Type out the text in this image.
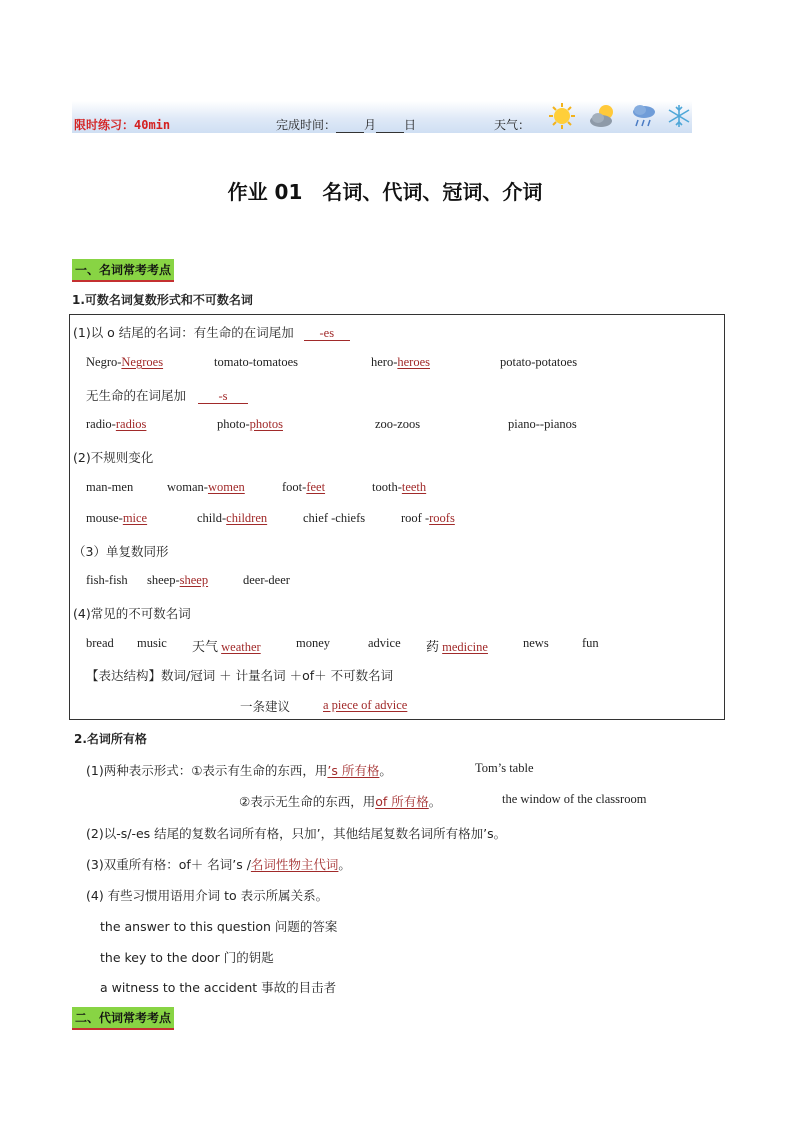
限时练习：40min	完成时间： 月 日	天气：
作业 01　名词、代词、冠词、介词
一、名词常考考点
1.可数名词复数形式和不可数名词
(1)以 o 结尾的名词：有生命的在词尾加 -es
Negro-Negroes	tomato-tomatoes	hero-heroes	potato-potatoes
无生命的在词尾加	-s
radio-radios	photo-photos	zoo-zoos	piano--pianos
(2)不规则变化
man-men	woman-women	foot-feet	tooth-teeth
mouse-mice	child-children	chief -chiefs	roof -roofs
（3）单复数同形
fish-fish sheep-sheep	deer-deer
(4)常见的不可数名词
bread music 天气 weather	money	advice 药 medicine	news	fun
【表达结构】数词/冠词 ＋ 计量名词 ＋of＋ 不可数名词
一条建议	a piece of advice
2.名词所有格
(1)两种表示形式：①表示有生命的东西，用’s 所有格。	Tom’s table
②表示无生命的东西，用of 所有格。	the window of the classroom
(2)以-s/-es 结尾的复数名词所有格，只加’，其他结尾复数名词所有格加’s。
(3)双重所有格：of＋ 名词’s /名词性物主代词。
(4) 有些习惯用语用介词 to 表示所属关系。
the answer to this question 问题的答案
the key to the door 门的钥匙
a witness to the accident 事故的目击者
二、代词常考考点
